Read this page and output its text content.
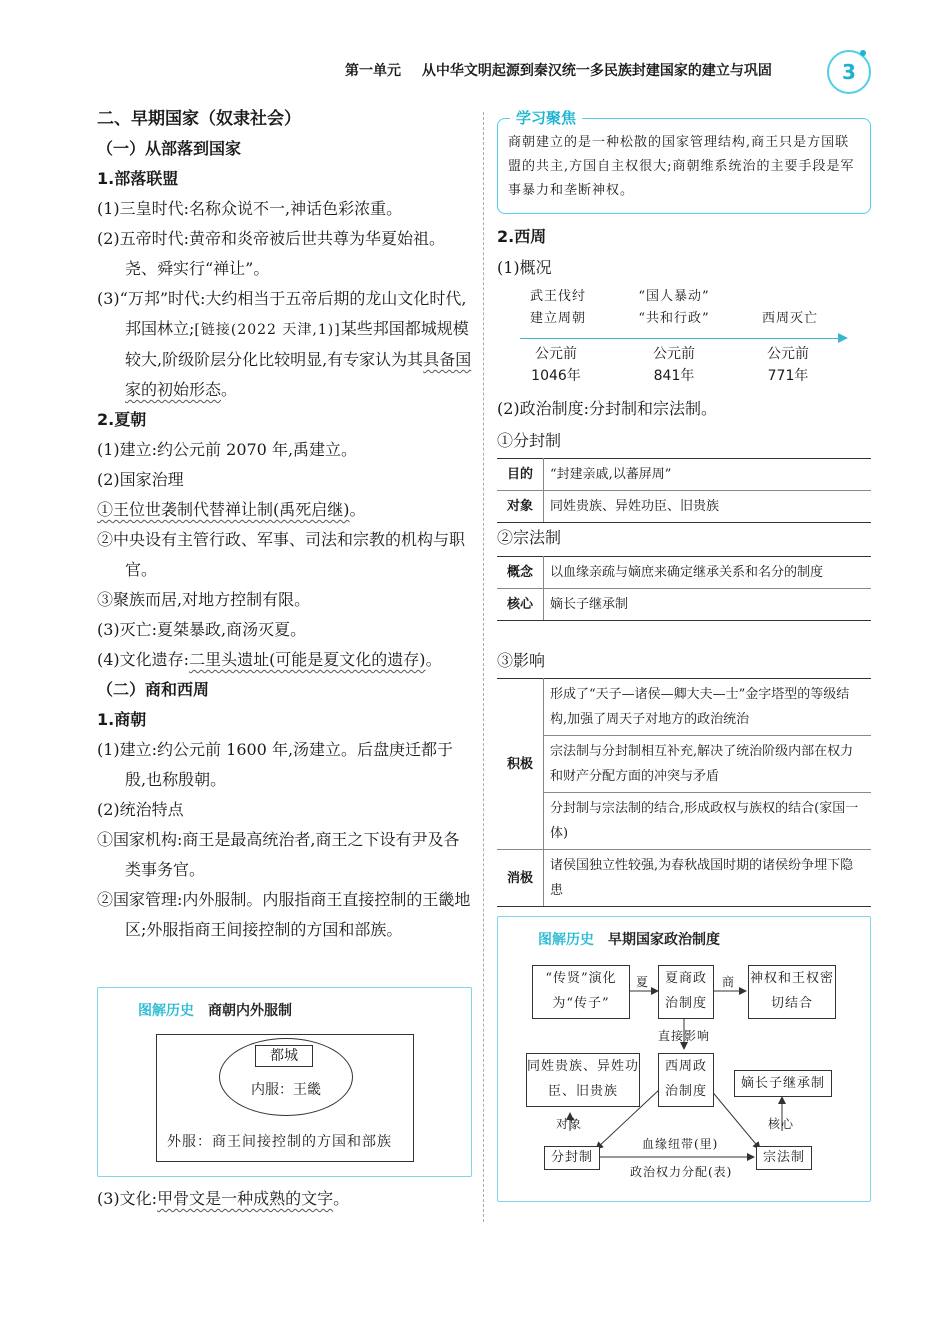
第一单元 从中华文明起源到秦汉统一多民族封建国家的建立与巩固	3
二、早期国家（奴隶社会）
（一）从部落到国家
1.部落联盟
(1)三皇时代:名称众说不一,神话色彩浓重。
(2)五帝时代:黄帝和炎帝被后世共尊为华夏始祖。尧、舜实行“禅让”。
(3)“万邦”时代:大约相当于五帝后期的龙山文化时代,邦国林立;[链接(2022 天津,1)]某些邦国都城规模较大,阶级阶层分化比较明显,有专家认为其具备国家的初始形态。
2.夏朝
(1)建立:约公元前 2070 年,禹建立。
(2)国家治理
①王位世袭制代替禅让制(禹死启继)。
②中央设有主管行政、军事、司法和宗教的机构与职官。
③聚族而居,对地方控制有限。
(3)灭亡:夏桀暴政,商汤灭夏。
(4)文化遗存:二里头遗址(可能是夏文化的遗存)。
（二）商和西周
1.商朝
(1)建立:约公元前 1600 年,汤建立。后盘庚迁都于殷,也称殷朝。
(2)统治特点
①国家机构:商王是最高统治者,商王之下设有尹及各类事务官。
②国家管理:内外服制。内服指商王直接控制的王畿地区;外服指商王间接控制的方国和部族。
图解历史 商朝内外服制
都城
内服：王畿
外服：商王间接控制的方国和部族
(3)文化:甲骨文是一种成熟的文字。
学习聚焦
商朝建立的是一种松散的国家管理结构,商王只是方国联盟的共主,方国自主权很大;商朝维系统治的主要手段是军事暴力和垄断神权。
2.西周
(1)概况
武王伐纣
建立周朝
“国人暴动”
“共和行政”
	西周灭亡
公元前
1046年
公元前
841年
公元前
771年
(2)政治制度:分封制和宗法制。
①分封制
目的	“封建亲戚,以蕃屏周”
对象	同姓贵族、异姓功臣、旧贵族
②宗法制
概念	以血缘亲疏与嫡庶来确定继承关系和名分的制度
核心	嫡长子继承制
③影响
积极	形成了“天子—诸侯—卿大夫—士”金字塔型的等级结构,加强了周天子对地方的政治统治
	宗法制与分封制相互补充,解决了统治阶级内部在权力和财产分配方面的冲突与矛盾
	分封制与宗法制的结合,形成政权与族权的结合(家国一体)
消极	诸侯国独立性较强,为春秋战国时期的诸侯纷争埋下隐患
图解历史 早期国家政治制度
“传贤”演化为“传子”
夏	夏商政治制度
商 神权和王权密切结合
直接影响
西周政治制度
同姓贵族、异姓功臣、旧贵族
嫡长子继承制
对象	核心
分封制
血缘纽带(里)
宗法制
政治权力分配(表)
